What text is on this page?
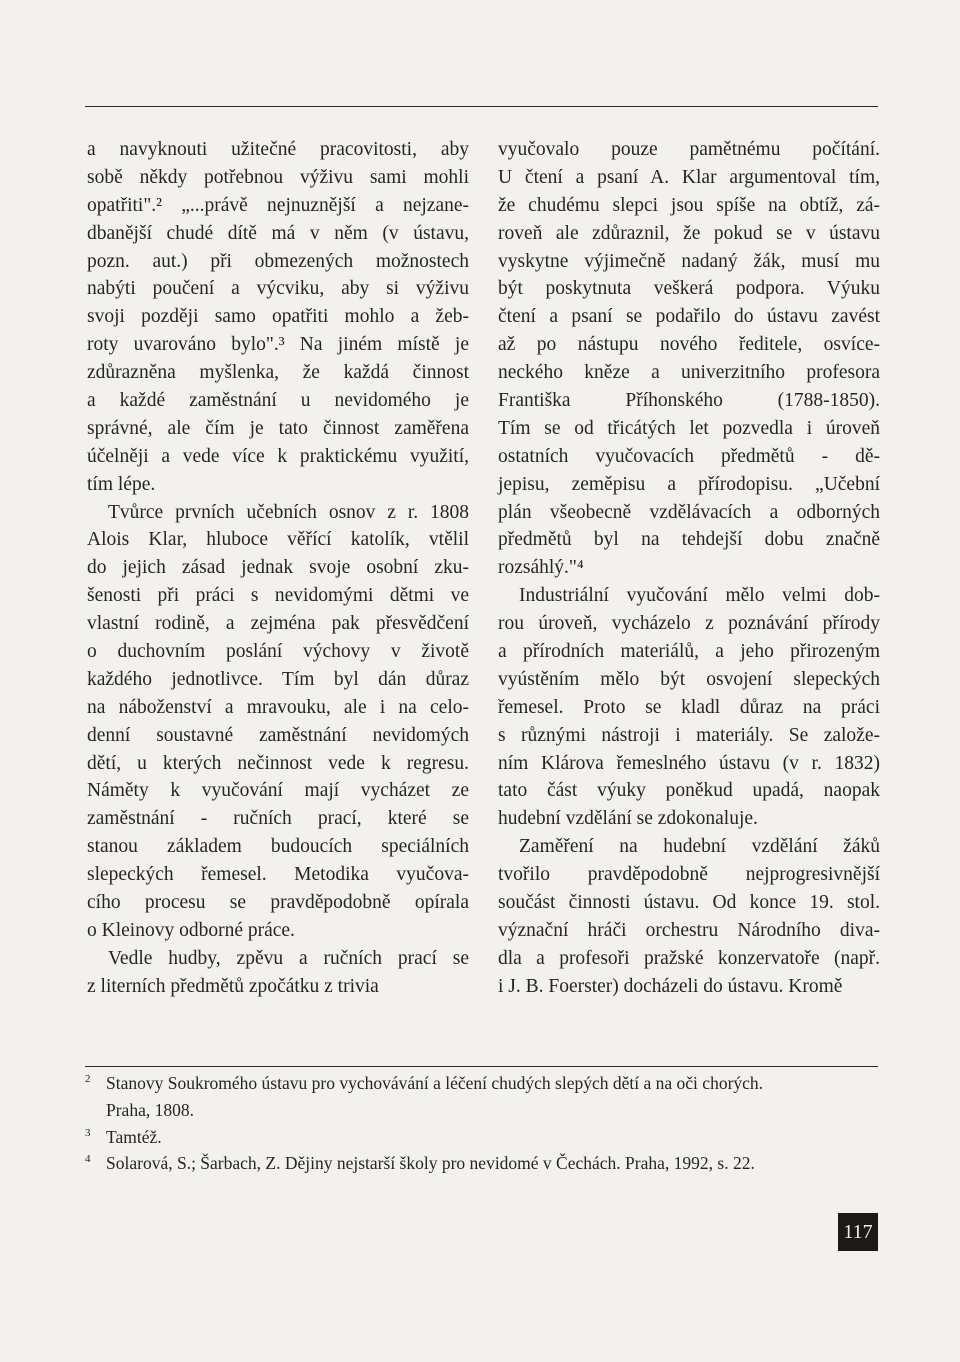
a navyknouti užitečné pracovitosti, aby
sobě někdy potřebnou výživu sami mohli
opatřiti".² „...právě nejnuznější a nejzane-
dbanější chudé dítě má v něm (v ústavu,
pozn. aut.) při obmezených možnostech
nabýti poučení a výcviku, aby si výživu
svoji později samo opatřiti mohlo a žeb-
roty uvarováno bylo".³ Na jiném místě je
zdůrazněna myšlenka, že každá činnost
a každé zaměstnání u nevidomého je
správné, ale čím je tato činnost zaměřena
účelněji a vede více k praktickému využití,
tím lépe.
Tvůrce prvních učebních osnov z r. 1808
Alois Klar, hluboce věřící katolík, vtělil
do jejich zásad jednak svoje osobní zku-
šenosti při práci s nevidomými dětmi ve
vlastní rodině, a zejména pak přesvědčení
o duchovním poslání výchovy v životě
každého jednotlivce. Tím byl dán důraz
na náboženství a mravouku, ale i na celo-
denní soustavné zaměstnání nevidomých
dětí, u kterých nečinnost vede k regresu.
Náměty k vyučování mají vycházet ze
zaměstnání - ručních prací, které se
stanou základem budoucích speciálních
slepeckých řemesel. Metodika vyučova-
cího procesu se pravděpodobně opírala
o Kleinovy odborné práce.
Vedle hudby, zpěvu a ručních prací se
z literních předmětů zpočátku z trivia
vyučovalo pouze pamětnému počítání.
U čtení a psaní A. Klar argumentoval tím,
že chudému slepci jsou spíše na obtíž, zá-
roveň ale zdůraznil, že pokud se v ústavu
vyskytne výjimečně nadaný žák, musí mu
být poskytnuta veškerá podpora. Výuku
čtení a psaní se podařilo do ústavu zavést
až po nástupu nového ředitele, osvíce-
neckého kněze a univerzitního profesora
Františka Příhonského (1788-1850).
Tím se od třicátých let pozvedla i úroveň
ostatních vyučovacích předmětů - dě-
jepisu, zeměpisu a přírodopisu. „Učební
plán všeobecně vzdělávacích a odborných
předmětů byl na tehdejší dobu značně
rozsáhlý."⁴
Industriální vyučování mělo velmi dob-
rou úroveň, vycházelo z poznávání přírody
a přírodních materiálů, a jeho přirozeným
vyústěním mělo být osvojení slepeckých
řemesel. Proto se kladl důraz na práci
s různými nástroji i materiály. Se založe-
ním Klárova řemeslného ústavu (v r. 1832)
tato část výuky poněkud upadá, naopak
hudební vzdělání se zdokonaluje.
Zaměření na hudební vzdělání žáků
tvořilo pravděpodobně nejprogresivnější
součást činnosti ústavu. Od konce 19. stol.
význační hráči orchestru Národního diva-
dla a profesoři pražské konzervatoře (např.
i J. B. Foerster) docházeli do ústavu. Kromě
2 Stanovy Soukromého ústavu pro vychovávání a léčení chudých slepých dětí a na oči chorých.
Praha, 1808.
3 Tamtéž.
4 Solarová, S.; Šarbach, Z. Dějiny nejstarší školy pro nevidomé v Čechách. Praha, 1992, s. 22.
117
